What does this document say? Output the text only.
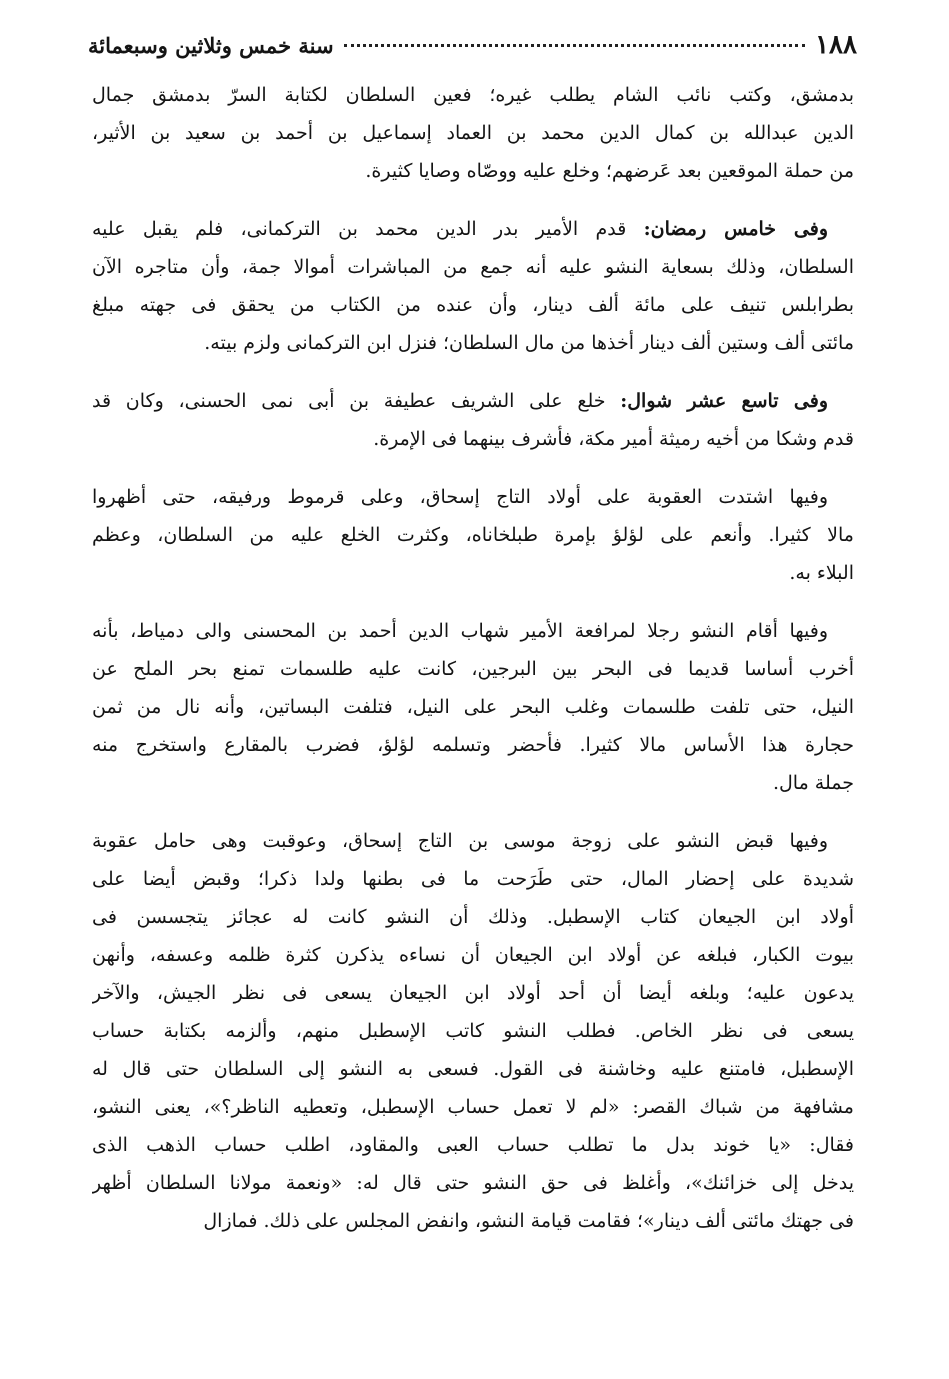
١٨٨
سنة خمس وثلاثين وسبعمائة
بدمشق، وكتب نائب الشام يطلب غيره؛ فعين السلطان لكتابة السرّ بدمشق جمال
الدين عبدالله بن كمال الدين محمد بن العماد إسماعيل بن أحمد بن سعيد بن الأثير،
من حملة الموقعين بعد عَرضهم؛ وخلع عليه ووصّاه وصايا كثيرة.
وفى خامس رمضان: قدم الأمير بدر الدين محمد بن التركمانى، فلم يقبل عليه
السلطان، وذلك بسعاية النشو عليه أنه جمع من المباشرات أموالا جمة، وأن متاجره الآن
بطرابلس تنيف على مائة ألف دينار، وأن عنده من الكتاب من يحقق فى جهته مبلغ
مائتى ألف وستين ألف دينار أخذها من مال السلطان؛ فنزل ابن التركمانى ولزم بيته.
وفى تاسع عشر شوال: خلع على الشريف عطيفة بن أبى نمى الحسنى، وكان قد
قدم وشكا من أخيه رميثة أمير مكة، فأشرف بينهما فى الإمرة.
وفيها اشتدت العقوبة على أولاد التاج إسحاق، وعلى قرموط ورفيقه، حتى أظهروا
مالا كثيرا. وأنعم على لؤلؤ بإمرة طبلخاناه، وكثرت الخلع عليه من السلطان، وعظم
البلاء به.
وفيها أقام النشو رجلا لمرافعة الأمير شهاب الدين أحمد بن المحسنى والى دمياط، بأنه
أخرب أساسا قديما فى البحر بين البرجين، كانت عليه طلسمات تمنع بحر الملح عن
النيل، حتى تلفت طلسمات وغلب البحر على النيل، فتلفت البساتين، وأنه نال من ثمن
حجارة هذا الأساس مالا كثيرا. فأحضر وتسلمه لؤلؤ، فضرب بالمقارع واستخرج منه
جملة مال.
وفيها قبض النشو على زوجة موسى بن التاج إسحاق، وعوقبت وهى حامل عقوبة
شديدة على إحضار المال، حتى طَرَحت ما فى بطنها ولدا ذكرا؛ وقبض أيضا على
أولاد ابن الجيعان كتاب الإسطبل. وذلك أن النشو كانت له عجائز يتجسسن فى
بيوت الكبار، فبلغه عن أولاد ابن الجيعان أن نساءه يذكرن كثرة ظلمه وعسفه، وأنهن
يدعون عليه؛ وبلغه أيضا أن أحد أولاد ابن الجيعان يسعى فى نظر الجيش، والآخر
يسعى فى نظر الخاص. فطلب النشو كاتب الإسطبل منهم، وألزمه بكتابة حساب
الإسطبل، فامتنع عليه وخاشنة فى القول. فسعى به النشو إلى السلطان حتى قال له
مشافهة من شباك القصر: «لم لا تعمل حساب الإسطبل، وتعطيه الناظر؟»، يعنى النشو،
فقال: «يا خوند بدل ما تطلب حساب العبى والمقاود، اطلب حساب الذهب الذى
يدخل إلى خزائنك»، وأغلظ فى حق النشو حتى قال له: «ونعمة مولانا السلطان أظهر
فى جهتك مائتى ألف دينار»؛ فقامت قيامة النشو، وانفض المجلس على ذلك. فمازال
